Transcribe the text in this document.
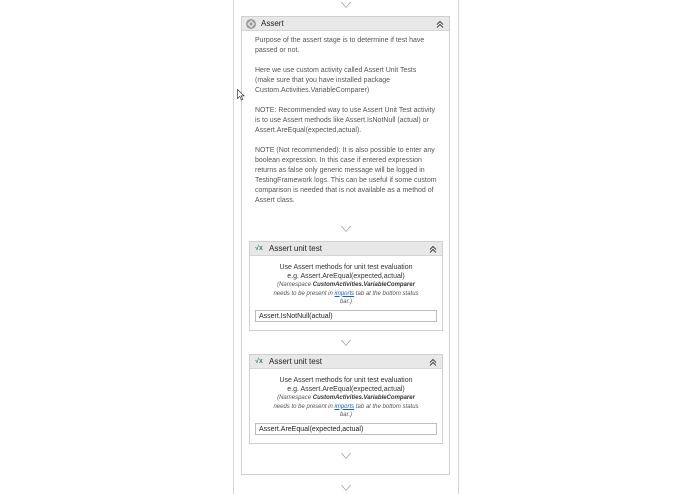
Assert
Purpose of the assert stage is to determine if test have passed or not.
Here we use custom activity called Assert Unit Tests (make sure that you have installed package Custom.Activities.VariableComparer)
NOTE: Recommended way to use Assert Unit Test activity is to use Assert methods like Assert.IsNotNull (actual) or Assert.AreEqual(expected,actual).
NOTE (Not recommended): It is also possible to enter any boolean expression. In this case if entered expression returns as false only generic message will be logged in TestingFramework logs. This can be useful if some custom comparison is needed that is not available as a method of Assert class.
√x Assert unit test
Use Assert methods for unit test evaluation
e.g. Assert.AreEqual(expected,actual)
(Namespace CustomActivities.VariableComparer
needs to be present in imports tab at the bottom status
bar.)
Assert.IsNotNull(actual)
√x Assert unit test
Use Assert methods for unit test evaluation
e.g. Assert.AreEqual(expected,actual)
(Namespace CustomActivities.VariableComparer
needs to be present in imports tab at the bottom status
bar.)
Assert.AreEqual(expected,actual)
